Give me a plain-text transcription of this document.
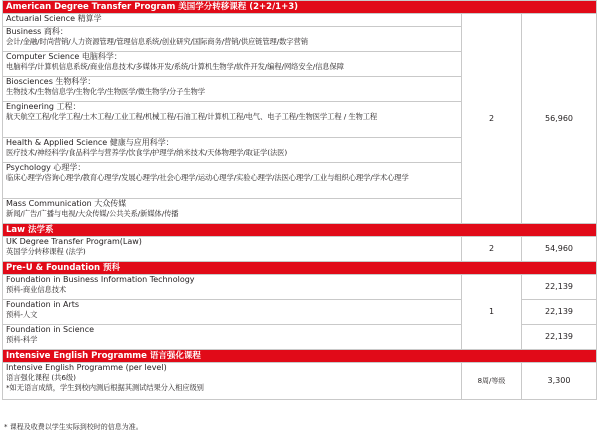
American Degree Transfer Program 美国学分转移课程 (2+2/1+3)		

Actuarial Science 精算学	2	56,960

Business 商科：
会计/金融/时尚营销/人力资源管理/管理信息系统/创业研究/国际商务/营销/供应链管理/数字营销		

Computer Science 电脑科学：
电脑科学/计算机信息系统/商业信息技术/多媒体开发/系统/计算机生物学/软件开发/编程/网络安全/信息保障		

Biosciences 生物科学：
生物技术/生物信息学/生物化学/生物医学/微生物学/分子生物学		

Engineering 工程：
航天航空工程/化学工程/土木工程/工业工程/机械工程/石油工程/计算机工程/电气、电子工程/生物医学工程 / 生物工程		

Health & Applied Science 健康与应用科学：
医疗技术/神经科学/食品科学与营养学/饮食学/护理学/纳米技术/天体物理学/取证学(法医)		

Psychology 心理学：
临床心理学/咨询心理学/教育心理学/发展心理学/社会心理学/运动心理学/实验心理学/法医心理学/工业与组织心理学/学术心理学		

Mass Communication 大众传媒
新闻/广告/广播与电视/大众传媒/公共关系/新媒体/传播		

Law 法学系		

UK Degree Transfer Program(Law)
英国学分转移课程 (法学)	2	54,960
Pre-U & Foundation 预科		

Foundation in Business Information Technology
预科-商业信息技术	1	22,139

Foundation in Arts
预科-人文		22,139

Foundation in Science
预科-科学		22,139
Intensive English Programme 语言强化课程		

Intensive English Programme (per level)
语言强化课程 (共6级)
*如无语言成绩，学生到校内测后根据其测试结果分入相应级别	8周/等级	3,300
* 课程及收费以学生实际到校时的信息为准。
